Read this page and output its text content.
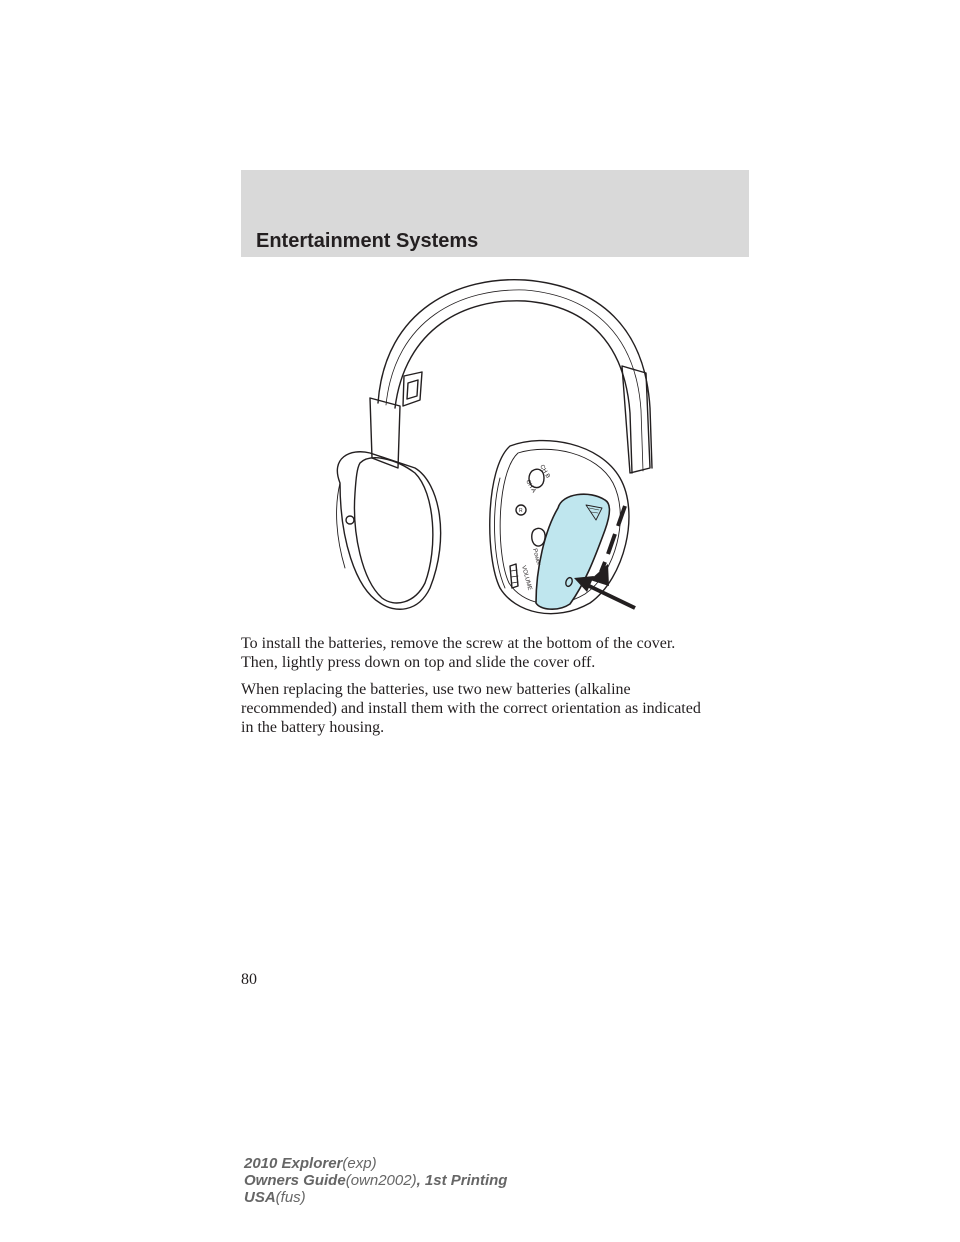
Entertainment Systems
CH B
CH A
R
Power
VOLUME
To install the batteries, remove the screw at the bottom of the cover.
Then, lightly press down on top and slide the cover off.
When replacing the batteries, use two new batteries (alkaline
recommended) and install them with the correct orientation as indicated
in the battery housing.
80
2010 Explorer(exp)
Owners Guide(own2002), 1st Printing
USA(fus)
